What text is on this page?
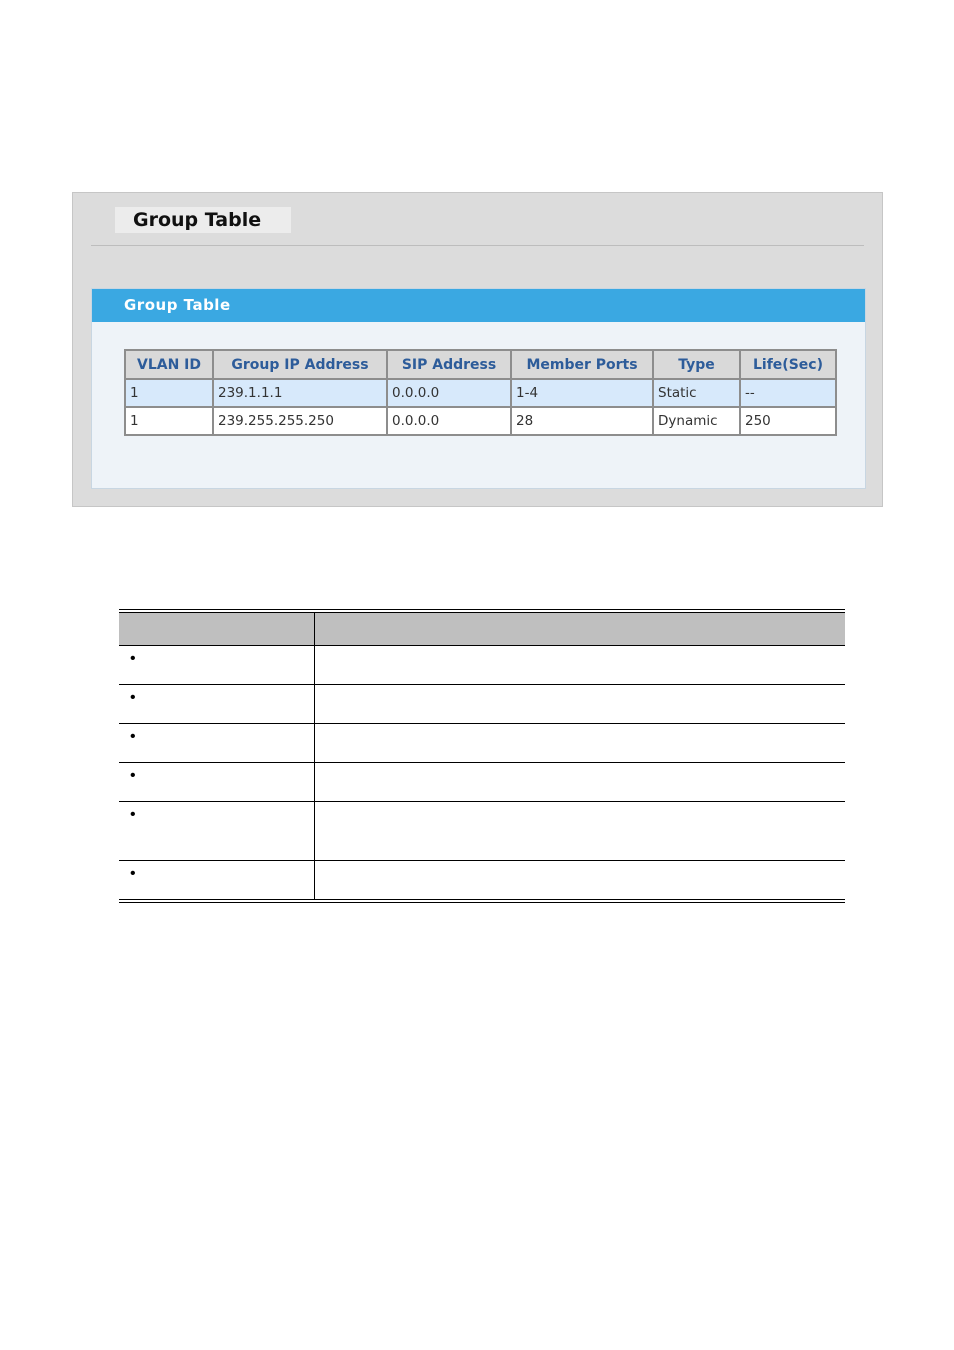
Group Table
Group Table
VLAN ID	Group IP Address	SIP Address	Member Ports	Type	Life(Sec)
1	239.1.1.1	0.0.0.0	1-4	Static	--
1	239.255.255.250	0.0.0.0	28	Dynamic	250

•	
•	
•	
•	
•	
•	
